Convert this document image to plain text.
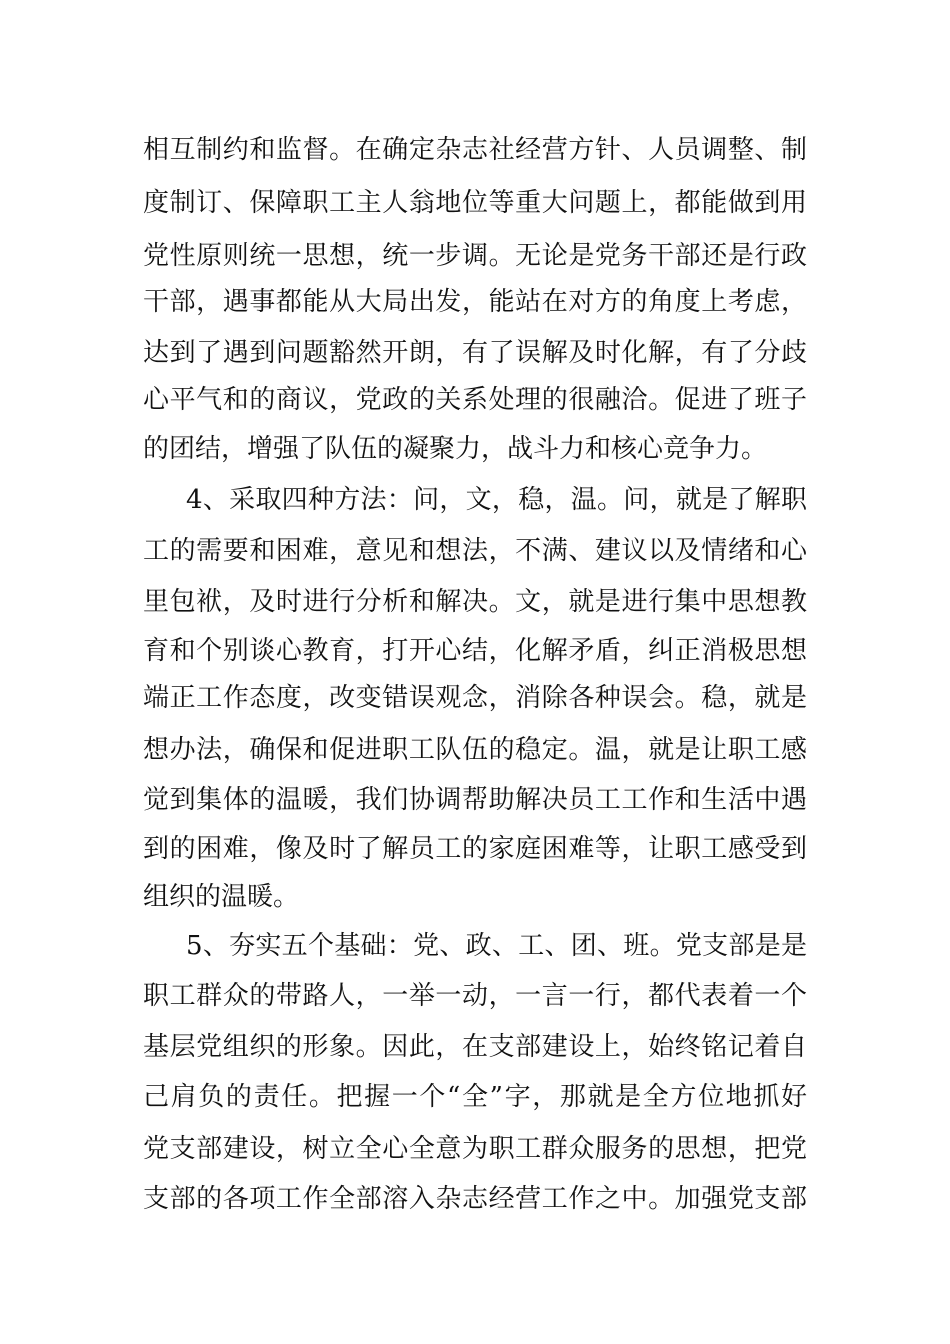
相互制约和监督。在确定杂志社经营方针、人员调整、制
度制订、保障职工主人翁地位等重大问题上，都能做到用
党性原则统一思想，统一步调。无论是党务干部还是行政
干部，遇事都能从大局出发，能站在对方的角度上考虑，
达到了遇到问题豁然开朗，有了误解及时化解，有了分歧
心平气和的商议，党政的关系处理的很融洽。促进了班子
的团结，增强了队伍的凝聚力，战斗力和核心竞争力。
4、采取四种方法：问，文，稳，温。问，就是了解职
工的需要和困难，意见和想法，不满、建议以及情绪和心
里包袱，及时进行分析和解决。文，就是进行集中思想教
育和个别谈心教育，打开心结，化解矛盾，纠正消极思想
端正工作态度，改变错误观念，消除各种误会。稳，就是
想办法，确保和促进职工队伍的稳定。温，就是让职工感
觉到集体的温暖，我们协调帮助解决员工工作和生活中遇
到的困难，像及时了解员工的家庭困难等，让职工感受到
组织的温暖。
5、夯实五个基础：党、政、工、团、班。党支部是是
职工群众的带路人，一举一动，一言一行，都代表着一个
基层党组织的形象。因此，在支部建设上，始终铭记着自
己肩负的责任。把握一个“全”字，那就是全方位地抓好
党支部建设，树立全心全意为职工群众服务的思想，把党
支部的各项工作全部溶入杂志经营工作之中。加强党支部
